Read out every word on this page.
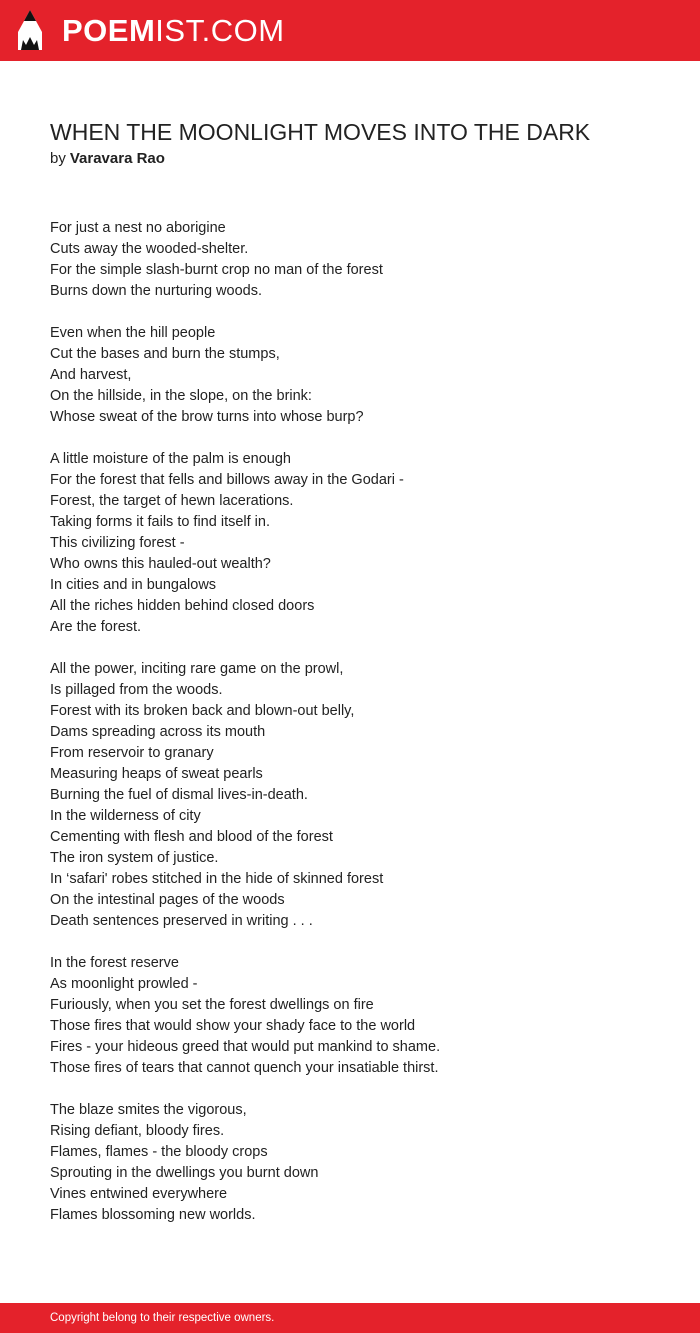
POEMIST.COM
WHEN THE MOONLIGHT MOVES INTO THE DARK
by Varavara Rao
For just a nest no aborigine
Cuts away the wooded-shelter.
For the simple slash-burnt crop no man of the forest
Burns down the nurturing woods.
Even when the hill people
Cut the bases and burn the stumps,
And harvest,
On the hillside, in the slope, on the brink:
Whose sweat of the brow turns into whose burp?
A little moisture of the palm is enough
For the forest that fells and billows away in the Godari -
Forest, the target of hewn lacerations.
Taking forms it fails to find itself in.
This civilizing forest -
Who owns this hauled-out wealth?
In cities and in bungalows
All the riches hidden behind closed doors
Are the forest.
All the power, inciting rare game on the prowl,
Is pillaged from the woods.
Forest with its broken back and blown-out belly,
Dams spreading across its mouth
From reservoir to granary
Measuring heaps of sweat pearls
Burning the fuel of dismal lives-in-death.
In the wilderness of city
Cementing with flesh and blood of the forest
The iron system of justice.
In ‘safari' robes stitched in the hide of skinned forest
On the intestinal pages of the woods
Death sentences preserved in writing . . .
In the forest reserve
As moonlight prowled -
Furiously, when you set the forest dwellings on fire
Those fires that would show your shady face to the world
Fires - your hideous greed that would put mankind to shame.
Those fires of tears that cannot quench your insatiable thirst.
The blaze smites the vigorous,
Rising defiant, bloody fires.
Flames, flames - the bloody crops
Sprouting in the dwellings you burnt down
Vines entwined everywhere
Flames blossoming new worlds.
Copyright belong to their respective owners.
